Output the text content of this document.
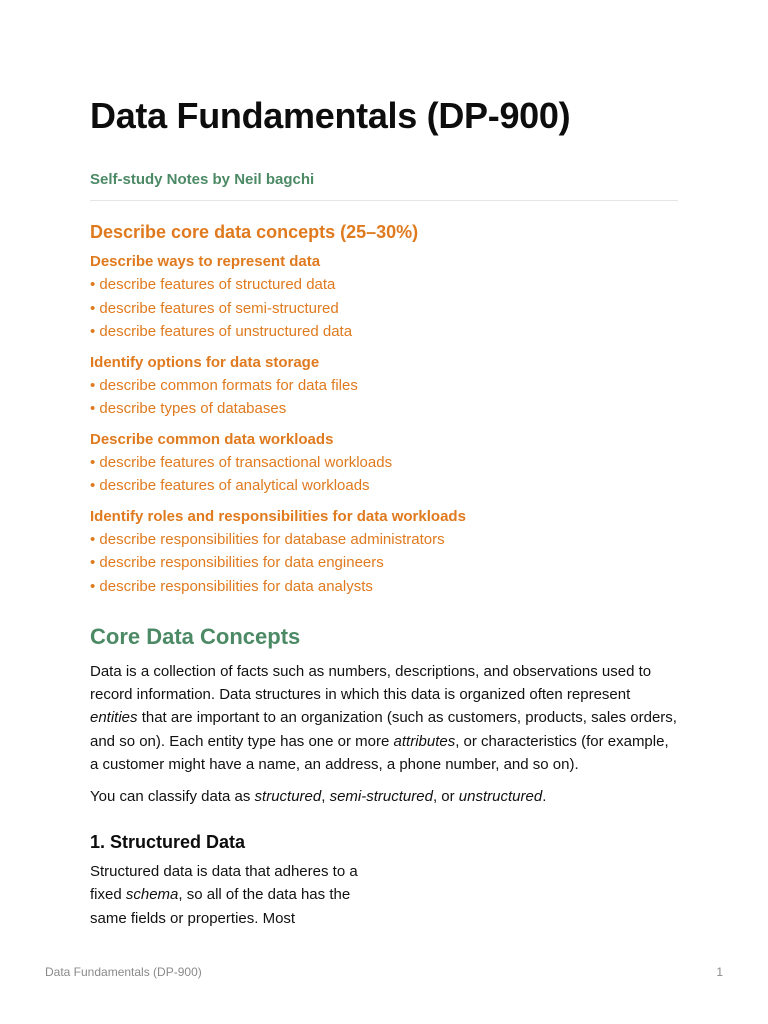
Data Fundamentals (DP-900)
Self-study Notes by Neil bagchi
Describe core data concepts (25–30%)
Describe ways to represent data
• describe features of structured data
• describe features of semi-structured
• describe features of unstructured data
Identify options for data storage
• describe common formats for data files
• describe types of databases
Describe common data workloads
• describe features of transactional workloads
• describe features of analytical workloads
Identify roles and responsibilities for data workloads
• describe responsibilities for database administrators
• describe responsibilities for data engineers
• describe responsibilities for data analysts
Core Data Concepts

Data is a collection of facts such as numbers, descriptions, and observations used to record information. Data structures in which this data is organized often represent entities that are important to an organization (such as customers, products, sales orders, and so on). Each entity type has one or more attributes, or characteristics (for example, a customer might have a name, an address, a phone number, and so on).

You can classify data as structured, semi-structured, or unstructured.

1. Structured Data

Structured data is data that adheres to a fixed schema, so all of the data has the same fields or properties. Most

Data Fundamentals (DP-900)	1
